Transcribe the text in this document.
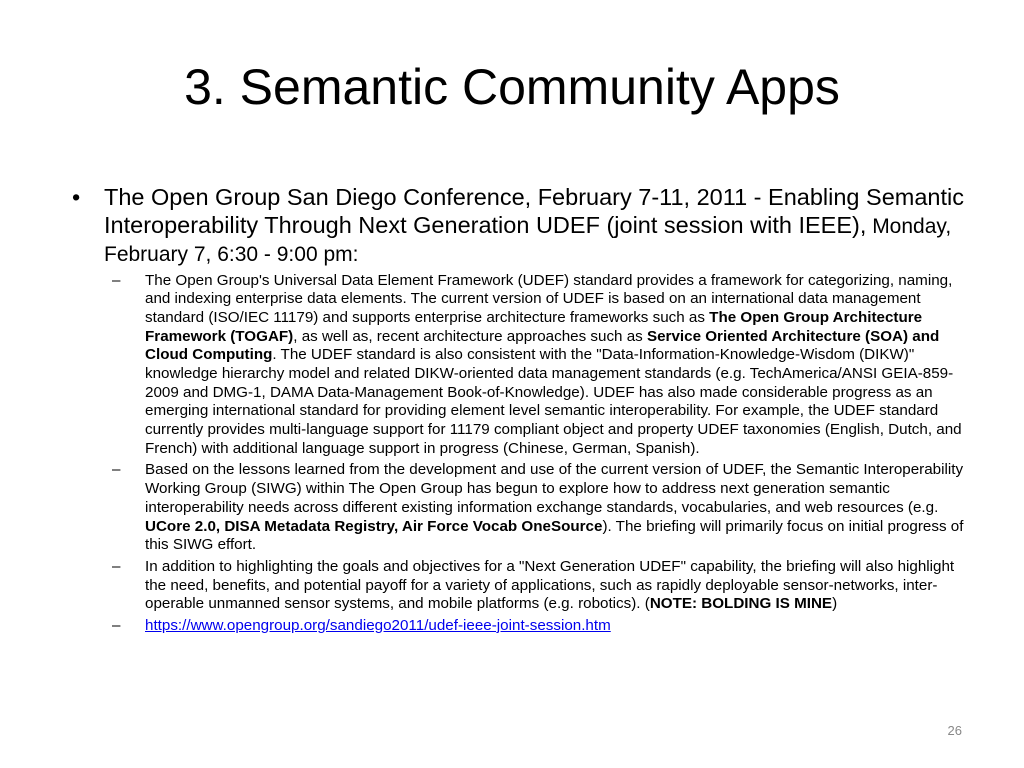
3. Semantic Community Apps
•	The Open Group San Diego Conference, February 7-11, 2011 - Enabling Semantic Interoperability Through Next Generation UDEF (joint session with IEEE), Monday, February 7, 6:30 - 9:00 pm:
–	The Open Group's Universal Data Element Framework (UDEF) standard provides a framework for categorizing, naming, and indexing enterprise data elements. The current version of UDEF is based on an international data management standard (ISO/IEC 11179) and supports enterprise architecture frameworks such as The Open Group Architecture Framework (TOGAF), as well as, recent architecture approaches such as Service Oriented Architecture (SOA) and Cloud Computing. The UDEF standard is also consistent with the "Data-Information-Knowledge-Wisdom (DIKW)" knowledge hierarchy model and related DIKW-oriented data management standards (e.g. TechAmerica/ANSI GEIA-859-2009 and DMG-1, DAMA Data-Management Book-of-Knowledge). UDEF has also made considerable progress as an emerging international standard for providing element level semantic interoperability. For example, the UDEF standard currently provides multi-language support for 11179 compliant object and property UDEF taxonomies (English, Dutch, and French) with additional language support in progress (Chinese, German, Spanish).
–	Based on the lessons learned from the development and use of the current version of UDEF, the Semantic Interoperability Working Group (SIWG) within The Open Group has begun to explore how to address next generation semantic interoperability needs across different existing information exchange standards, vocabularies, and web resources (e.g. UCore 2.0, DISA Metadata Registry, Air Force Vocab OneSource). The briefing will primarily focus on initial progress of this SIWG effort.
–	In addition to highlighting the goals and objectives for a "Next Generation UDEF" capability, the briefing will also highlight the need, benefits, and potential payoff for a variety of applications, such as rapidly deployable sensor-networks, inter-operable unmanned sensor systems, and mobile platforms (e.g. robotics). (NOTE: BOLDING IS MINE)
–	https://www.opengroup.org/sandiego2011/udef-ieee-joint-session.htm
26
